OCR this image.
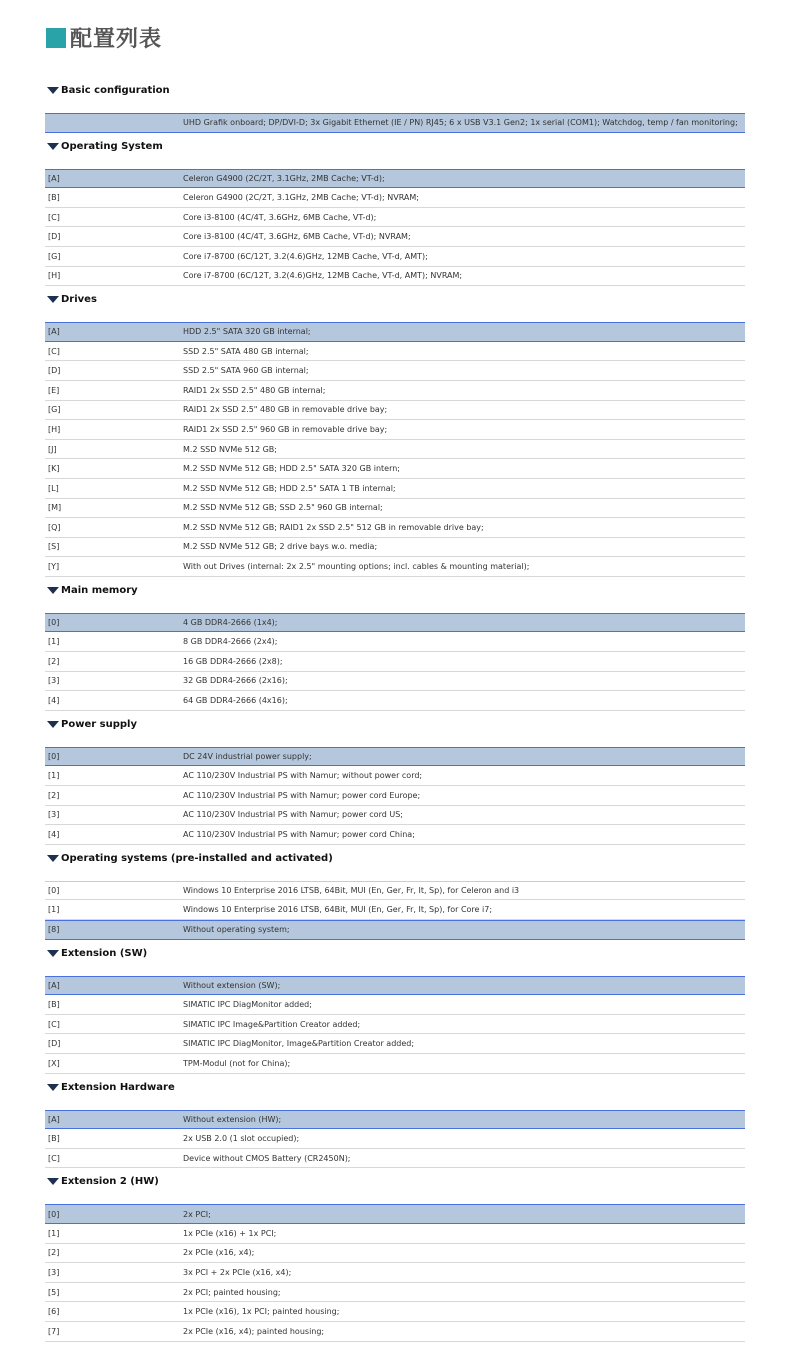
配置列表
Basic configuration
UHD Grafik onboard; DP/DVI-D; 3x Gigabit Ethernet (IE / PN) RJ45; 6 x USB V3.1 Gen2; 1x serial (COM1); Watchdog, temp / fan monitoring;
Operating System
[A]	Celeron G4900 (2C/2T, 3.1GHz, 2MB Cache; VT-d);
[B]	Celeron G4900 (2C/2T, 3.1GHz, 2MB Cache; VT-d); NVRAM;
[C]	Core i3-8100 (4C/4T, 3.6GHz, 6MB Cache, VT-d);
[D]	Core i3-8100 (4C/4T, 3.6GHz, 6MB Cache, VT-d); NVRAM;
[G]	Core i7-8700 (6C/12T, 3.2(4.6)GHz, 12MB Cache, VT-d, AMT);
[H]	Core i7-8700 (6C/12T, 3.2(4.6)GHz, 12MB Cache, VT-d, AMT); NVRAM;
Drives
[A]	HDD 2.5" SATA 320 GB internal;
[C]	SSD 2.5" SATA 480 GB internal;
[D]	SSD 2.5" SATA 960 GB internal;
[E]	RAID1 2x SSD 2.5" 480 GB internal;
[G]	RAID1 2x SSD 2.5" 480 GB in removable drive bay;
[H]	RAID1 2x SSD 2.5" 960 GB in removable drive bay;
[J]	M.2 SSD NVMe 512 GB;
[K]	M.2 SSD NVMe 512 GB; HDD 2.5" SATA 320 GB intern;
[L]	M.2 SSD NVMe 512 GB; HDD 2.5" SATA 1 TB internal;
[M]	M.2 SSD NVMe 512 GB; SSD 2.5" 960 GB internal;
[Q]	M.2 SSD NVMe 512 GB; RAID1 2x SSD 2.5" 512 GB in removable drive bay;
[S]	M.2 SSD NVMe 512 GB; 2 drive bays w.o. media;
[Y]	With out Drives (internal: 2x 2.5" mounting options; incl. cables & mounting material);
Main memory
[0]	4 GB DDR4-2666 (1x4);
[1]	8 GB DDR4-2666 (2x4);
[2]	16 GB DDR4-2666 (2x8);
[3]	32 GB DDR4-2666 (2x16);
[4]	64 GB DDR4-2666 (4x16);
Power supply
[0]	DC 24V industrial power supply;
[1]	AC 110/230V Industrial PS with Namur; without power cord;
[2]	AC 110/230V Industrial PS with Namur; power cord Europe;
[3]	AC 110/230V Industrial PS with Namur; power cord US;
[4]	AC 110/230V Industrial PS with Namur; power cord China;
Operating systems (pre-installed and activated)
[0]	Windows 10 Enterprise 2016 LTSB, 64Bit, MUI (En, Ger, Fr, It, Sp), for Celeron and i3
[1]	Windows 10 Enterprise 2016 LTSB, 64Bit, MUI (En, Ger, Fr, It, Sp), for Core i7;
[8]	Without operating system;
Extension (SW)
[A]	Without extension (SW);
[B]	SIMATIC IPC DiagMonitor added;
[C]	SIMATIC IPC Image&Partition Creator added;
[D]	SIMATIC IPC DiagMonitor, Image&Partition Creator added;
[X]	TPM-Modul (not for China);
Extension Hardware
[A]	Without extension (HW);
[B]	2x USB 2.0 (1 slot occupied);
[C]	Device without CMOS Battery (CR2450N);
Extension 2 (HW)
[0]	2x PCI;
[1]	1x PCIe (x16) + 1x PCI;
[2]	2x PCIe (x16, x4);
[3]	3x PCI + 2x PCIe (x16, x4);
[5]	2x PCI; painted housing;
[6]	1x PCIe (x16), 1x PCI; painted housing;
[7]	2x PCIe (x16, x4); painted housing;
